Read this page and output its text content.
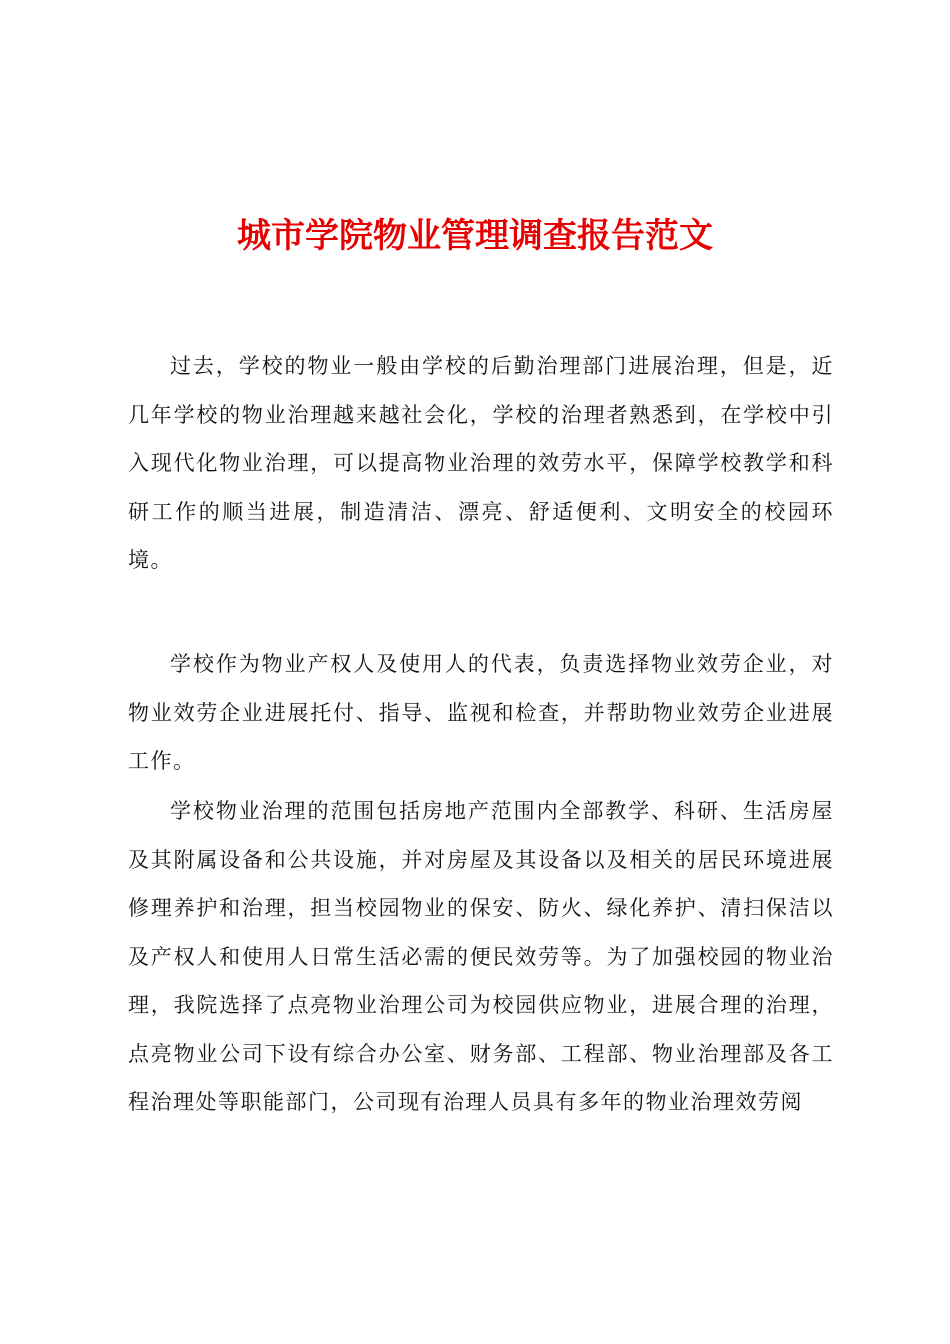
城市学院物业管理调查报告范文

过去，学校的物业一般由学校的后勤治理部门进展治理，但是，近几年学校的物业治理越来越社会化，学校的治理者熟悉到，在学校中引入现代化物业治理，可以提高物业治理的效劳水平，保障学校教学和科研工作的顺当进展，制造清洁、漂亮、舒适便利、文明安全的校园环境。

学校作为物业产权人及使用人的代表，负责选择物业效劳企业，对物业效劳企业进展托付、指导、监视和检查，并帮助物业效劳企业进展工作。

学校物业治理的范围包括房地产范围内全部教学、科研、生活房屋及其附属设备和公共设施，并对房屋及其设备以及相关的居民环境进展修理养护和治理，担当校园物业的保安、防火、绿化养护、清扫保洁以及产权人和使用人日常生活必需的便民效劳等。为了加强校园的物业治理，我院选择了点亮物业治理公司为校园供应物业，进展合理的治理，点亮物业公司下设有综合办公室、财务部、工程部、物业治理部及各工程治理处等职能部门，公司现有治理人员具有多年的物业治理效劳阅
